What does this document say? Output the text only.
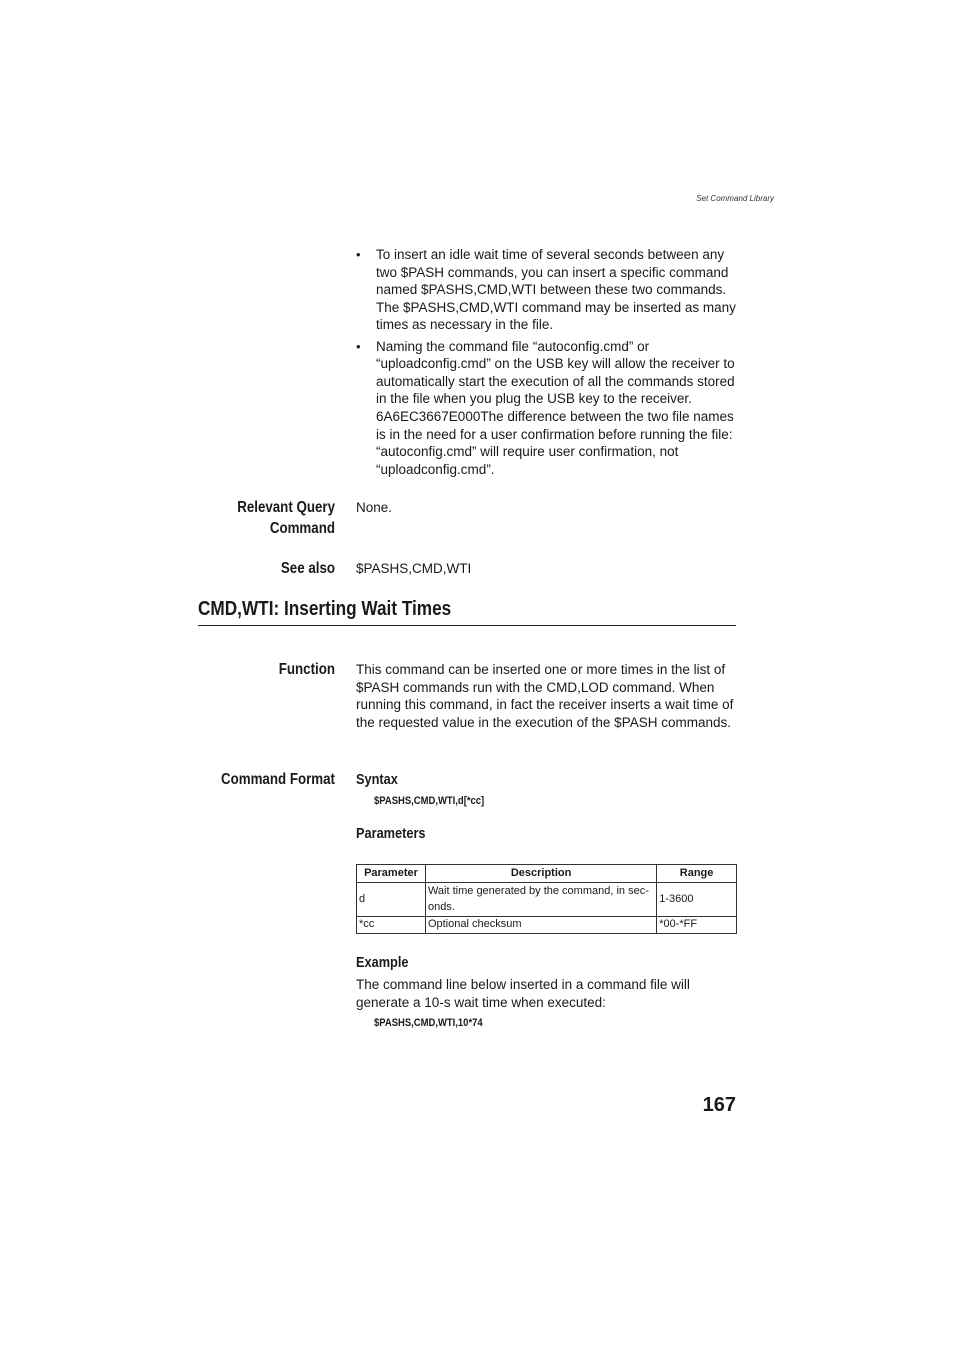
Set Command Library
• To insert an idle wait time of several seconds between any two $PASH commands, you can insert a specific command named $PASHS,CMD,WTI between these two commands. The $PASHS,CMD,WTI command may be inserted as many times as necessary in the file.
• Naming the command file “autoconfig.cmd” or “uploadconfig.cmd” on the USB key will allow the receiver to automatically start the execution of all the commands stored in the file when you plug the USB key to the receiver. 6A6EC3667E000The difference between the two file names is in the need for a user confirmation before running the file: “autoconfig.cmd” will require user confirmation, not “uploadconfig.cmd”.
Relevant Query
Command
None.
See also $PASHS,CMD,WTI
CMD,WTI: Inserting Wait Times
Function This command can be inserted one or more times in the list of $PASH commands run with the CMD,LOD command. When running this command, in fact the receiver inserts a wait time of the requested value in the execution of the $PASH commands.
Command Format Syntax
$PASHS,CMD,WTI,d[*cc]
Parameters
Parameter	Description	Range
d	Wait time generated by the command, in sec-onds.	1-3600
*cc	Optional checksum	*00-*FF
Example
The command line below inserted in a command file will generate a 10-s wait time when executed:
$PASHS,CMD,WTI,10*74
167
